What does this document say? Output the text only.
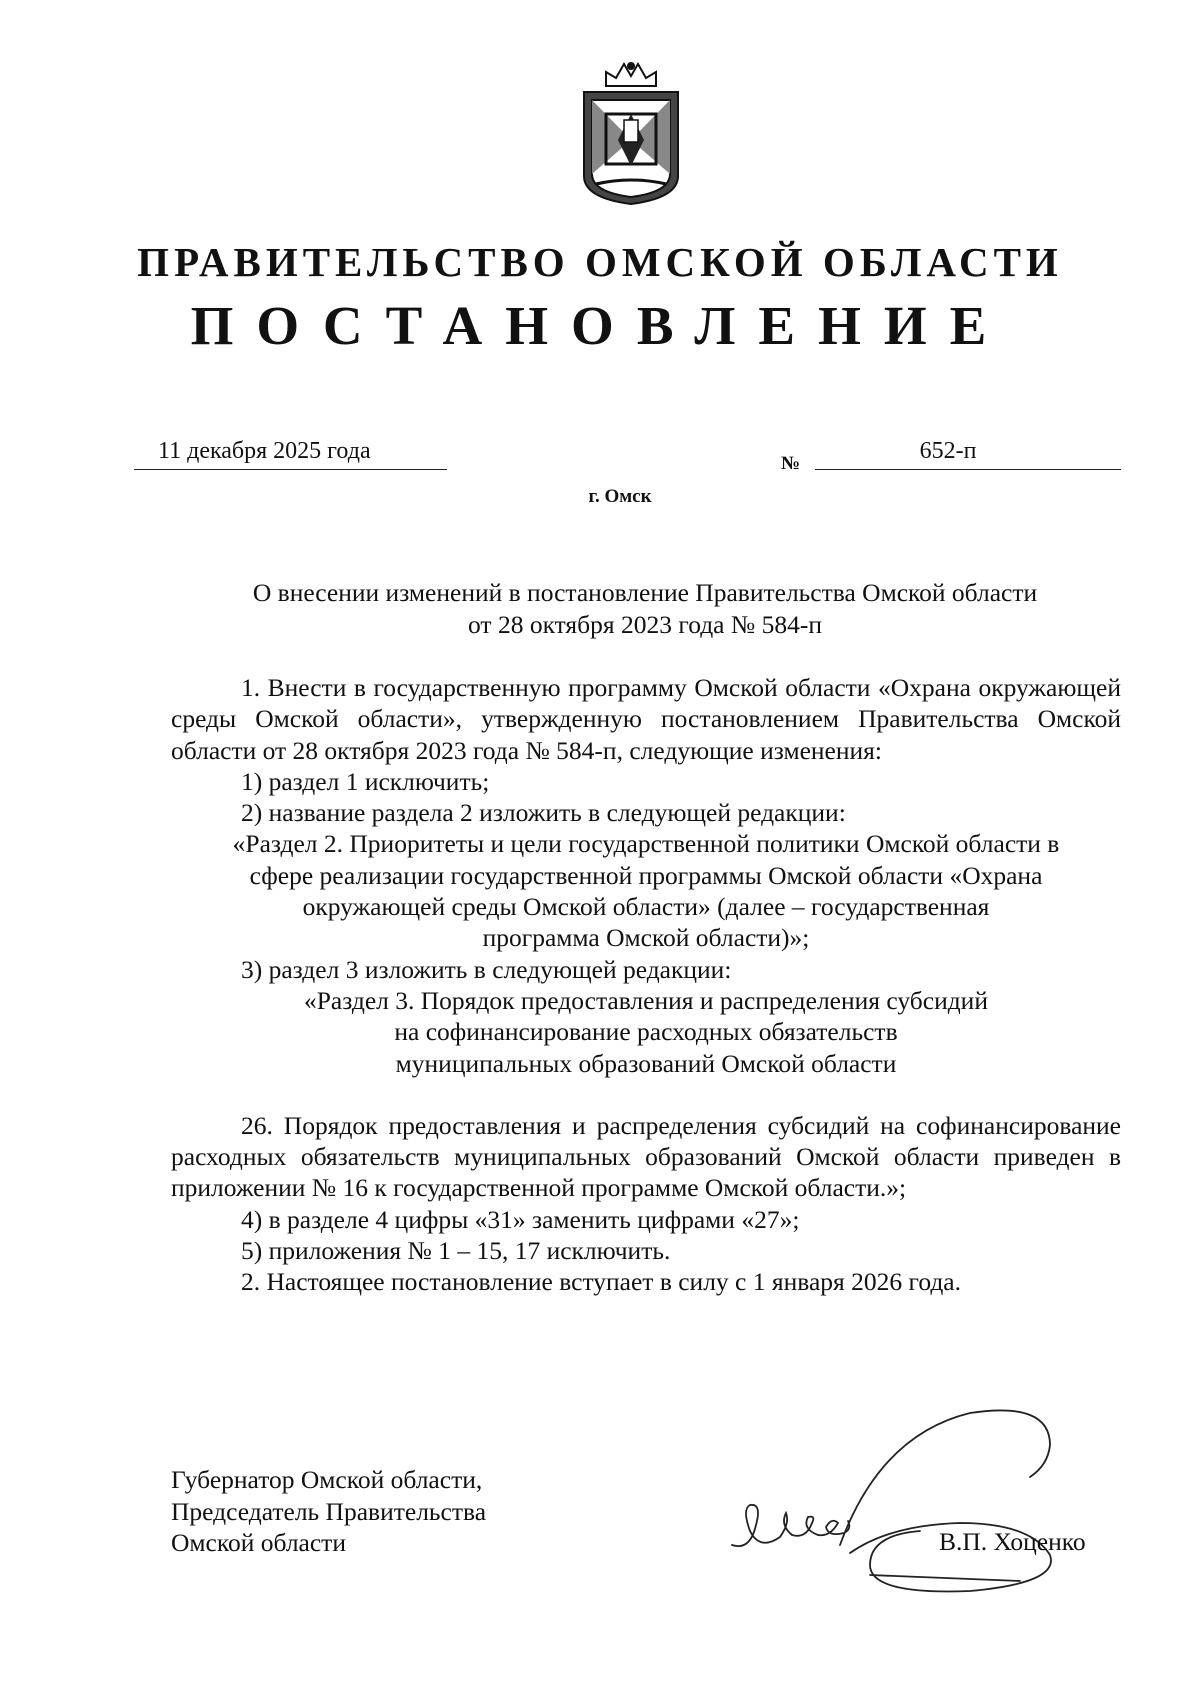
ПРАВИТЕЛЬСТВО ОМСКОЙ ОБЛАСТИ
ПОСТАНОВЛЕНИЕ
11 декабря 2025 года	№	652-п
г. Омск
О внесении изменений в постановление Правительства Омской области
от 28 октября 2023 года № 584-п

1. Внести в государственную программу Омской области «Охрана окружающей среды Омской области», утвержденную постановлением Правительства Омской области от 28 октября 2023 года № 584-п, следующие изменения:

1) раздел 1 исключить;

2) название раздела 2 изложить в следующей редакции:

«Раздел 2. Приоритеты и цели государственной политики Омской области в

сфере реализации государственной программы Омской области «Охрана

окружающей среды Омской области» (далее – государственная

программа Омской области)»;

3) раздел 3 изложить в следующей редакции:

«Раздел 3. Порядок предоставления и распределения субсидий

на софинансирование расходных обязательств

муниципальных образований Омской области

26. Порядок предоставления и распределения субсидий на софинансирование расходных обязательств муниципальных образований Омской области приведен в приложении № 16 к государственной программе Омской области.»;

4) в разделе 4 цифры «31» заменить цифрами «27»;

5) приложения № 1 – 15, 17 исключить.

2. Настоящее постановление вступает в силу с 1 января 2026 года.

Губернатор Омской области,
Председатель Правительства
Омской области	В.П. Хоценко
